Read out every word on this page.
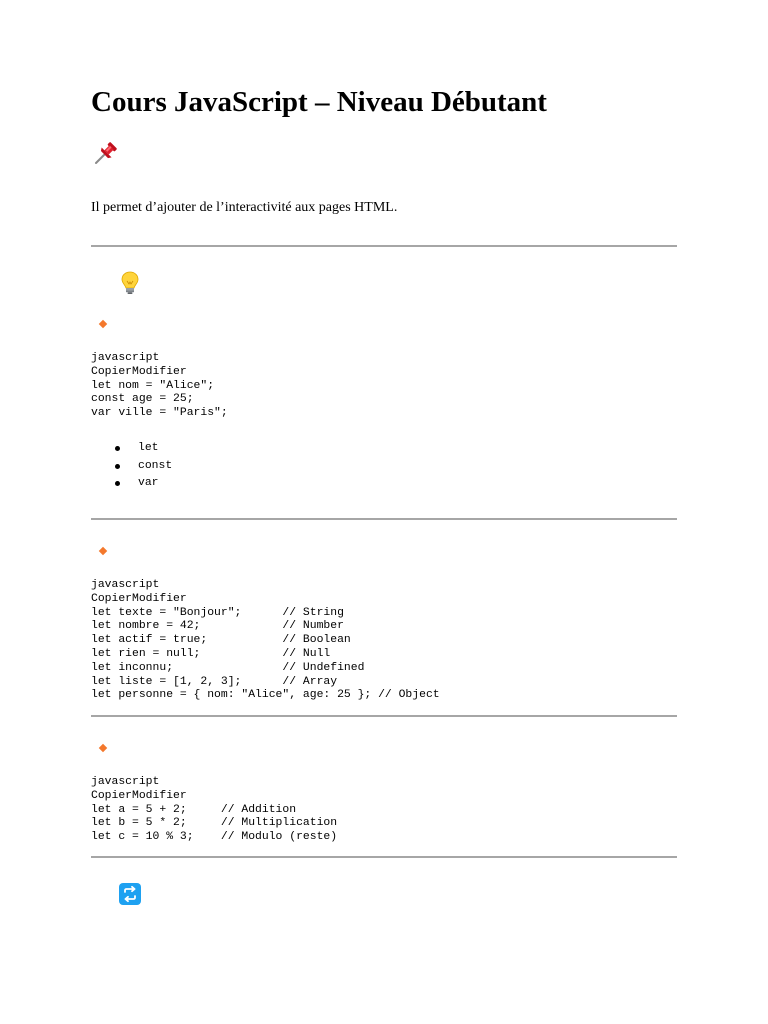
Cours JavaScript – Niveau Débutant

Il permet d’ajouter de l’interactivité aux pages HTML.

javascript
CopierModifier
let nom = "Alice";
const age = 25;
var ville = "Paris";
let
const
var
javascript
CopierModifier
let texte = "Bonjour";      // String
let nombre = 42;            // Number
let actif = true;           // Boolean
let rien = null;            // Null
let inconnu;                // Undefined
let liste = [1, 2, 3];      // Array
let personne = { nom: "Alice", age: 25 }; // Object
javascript
CopierModifier
let a = 5 + 2;     // Addition
let b = 5 * 2;     // Multiplication
let c = 10 % 3;    // Modulo (reste)
